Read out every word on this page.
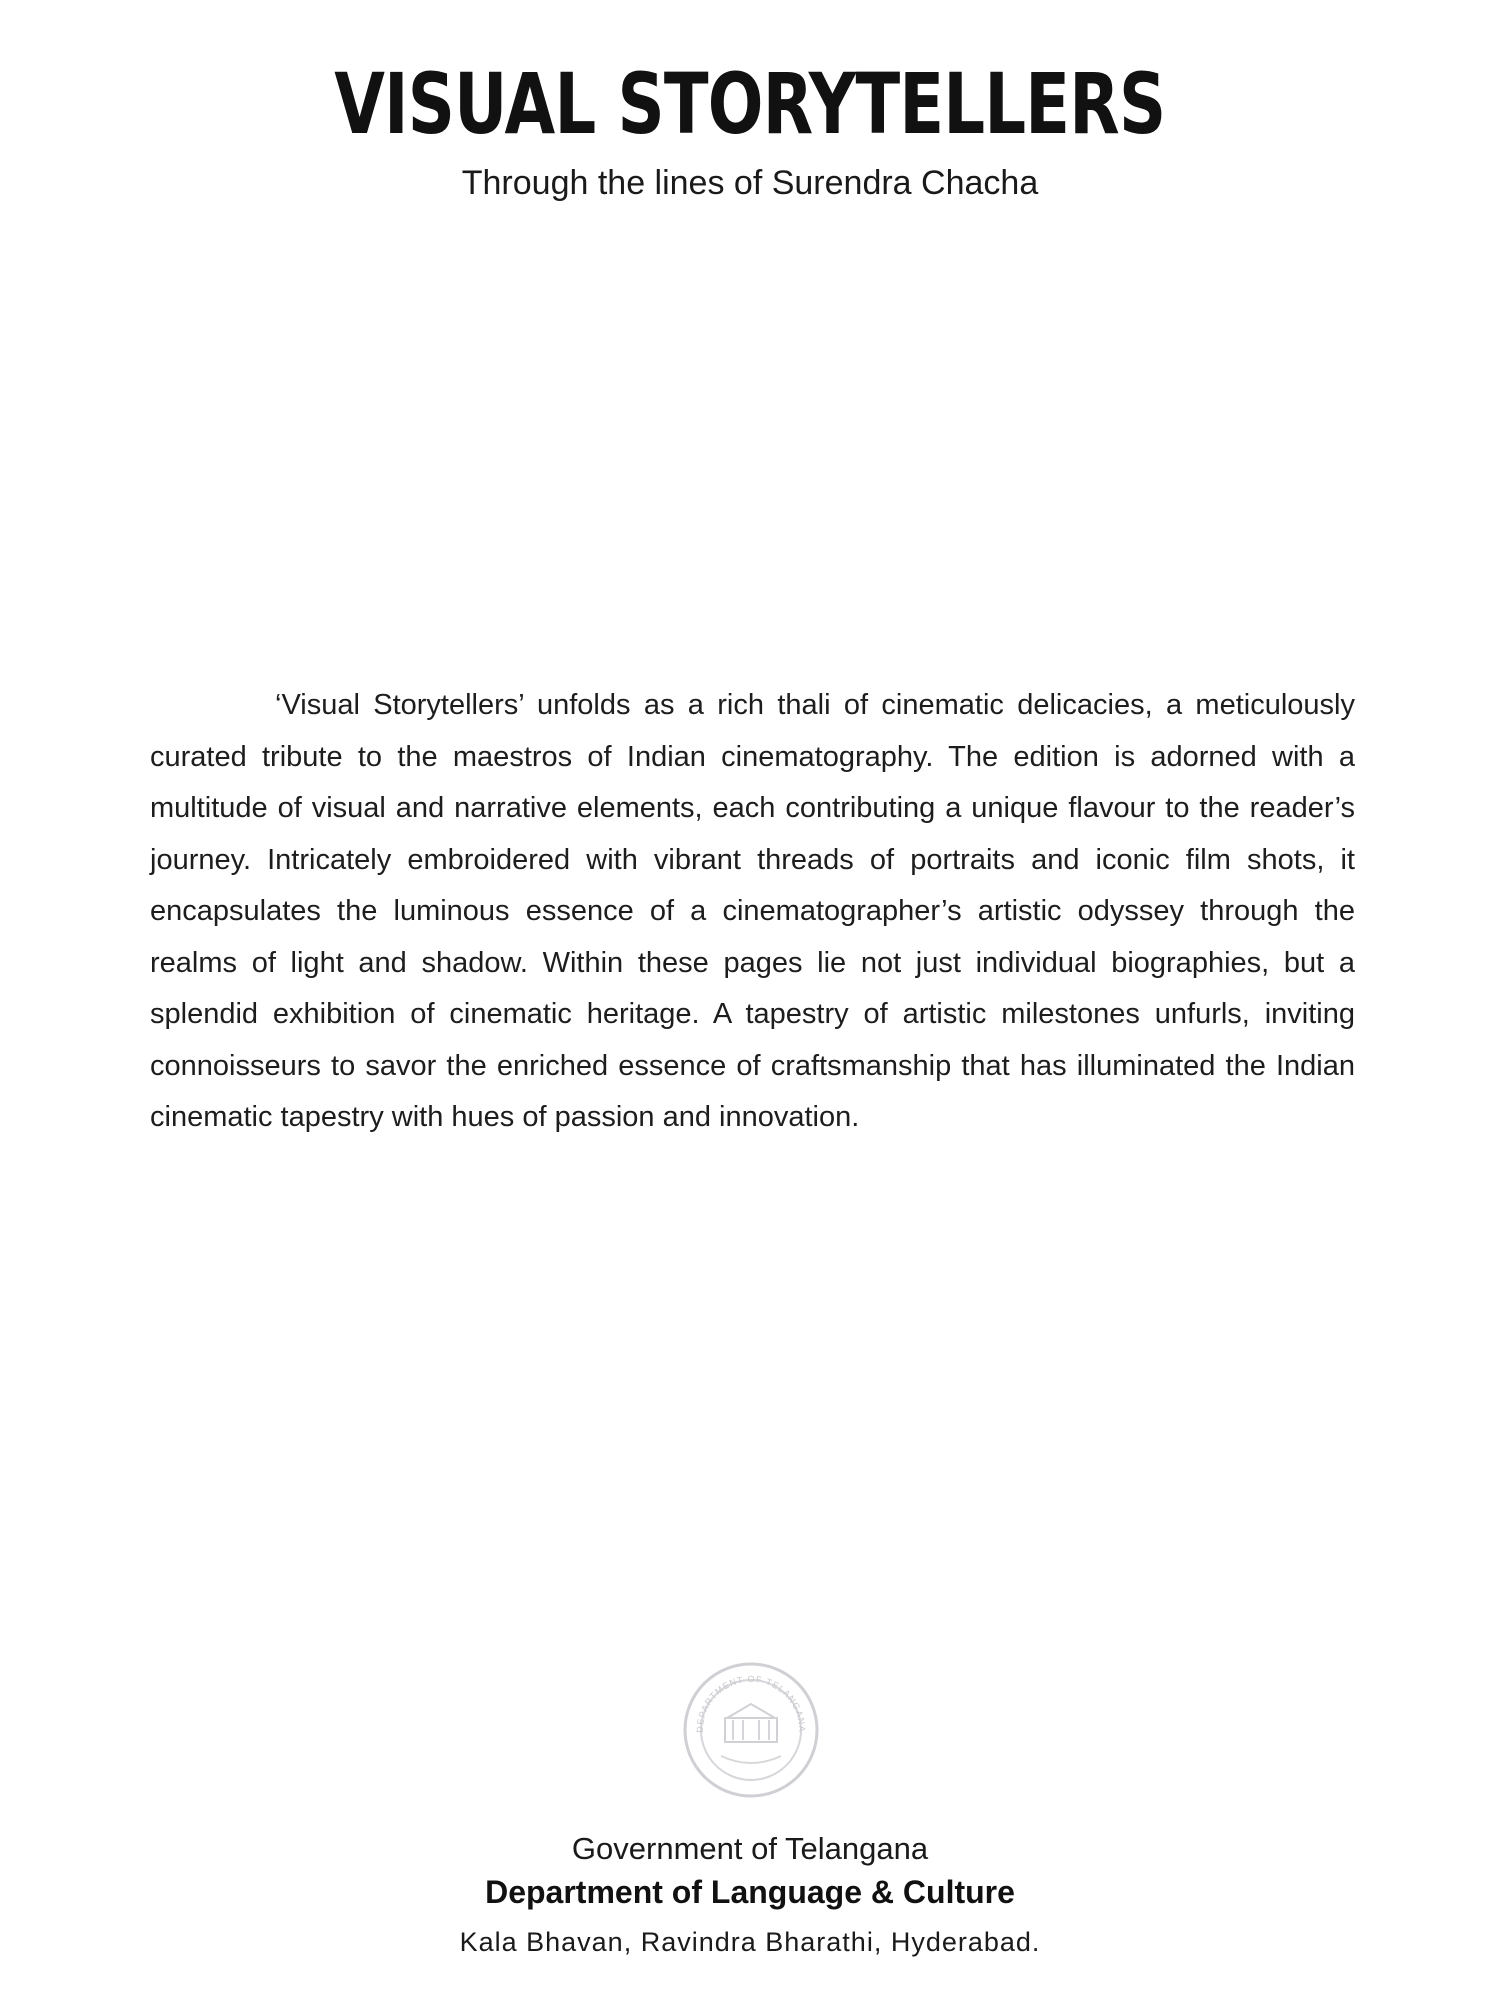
VISUAL STORYTELLERS
Through the lines of Surendra Chacha

‘Visual Storytellers’ unfolds as a rich thali of cinematic delicacies, a meticulously curated tribute to the maestros of Indian cinematography. The edition is adorned with a multitude of visual and narrative elements, each contributing a unique flavour to the reader’s journey. Intricately embroidered with vibrant threads of portraits and iconic film shots, it encapsulates the luminous essence of a cinematographer’s artistic odyssey through the realms of light and shadow. Within these pages lie not just individual biographies, but a splendid exhibition of cinematic heritage. A tapestry of artistic milestones unfurls, inviting connoisseurs to savor the enriched essence of craftsmanship that has illuminated the Indian cinematic tapestry with hues of passion and innovation.

DEPARTMENT OF TELANGANA
Government of Telangana
Department of Language & Culture
Kala Bhavan, Ravindra Bharathi, Hyderabad.
